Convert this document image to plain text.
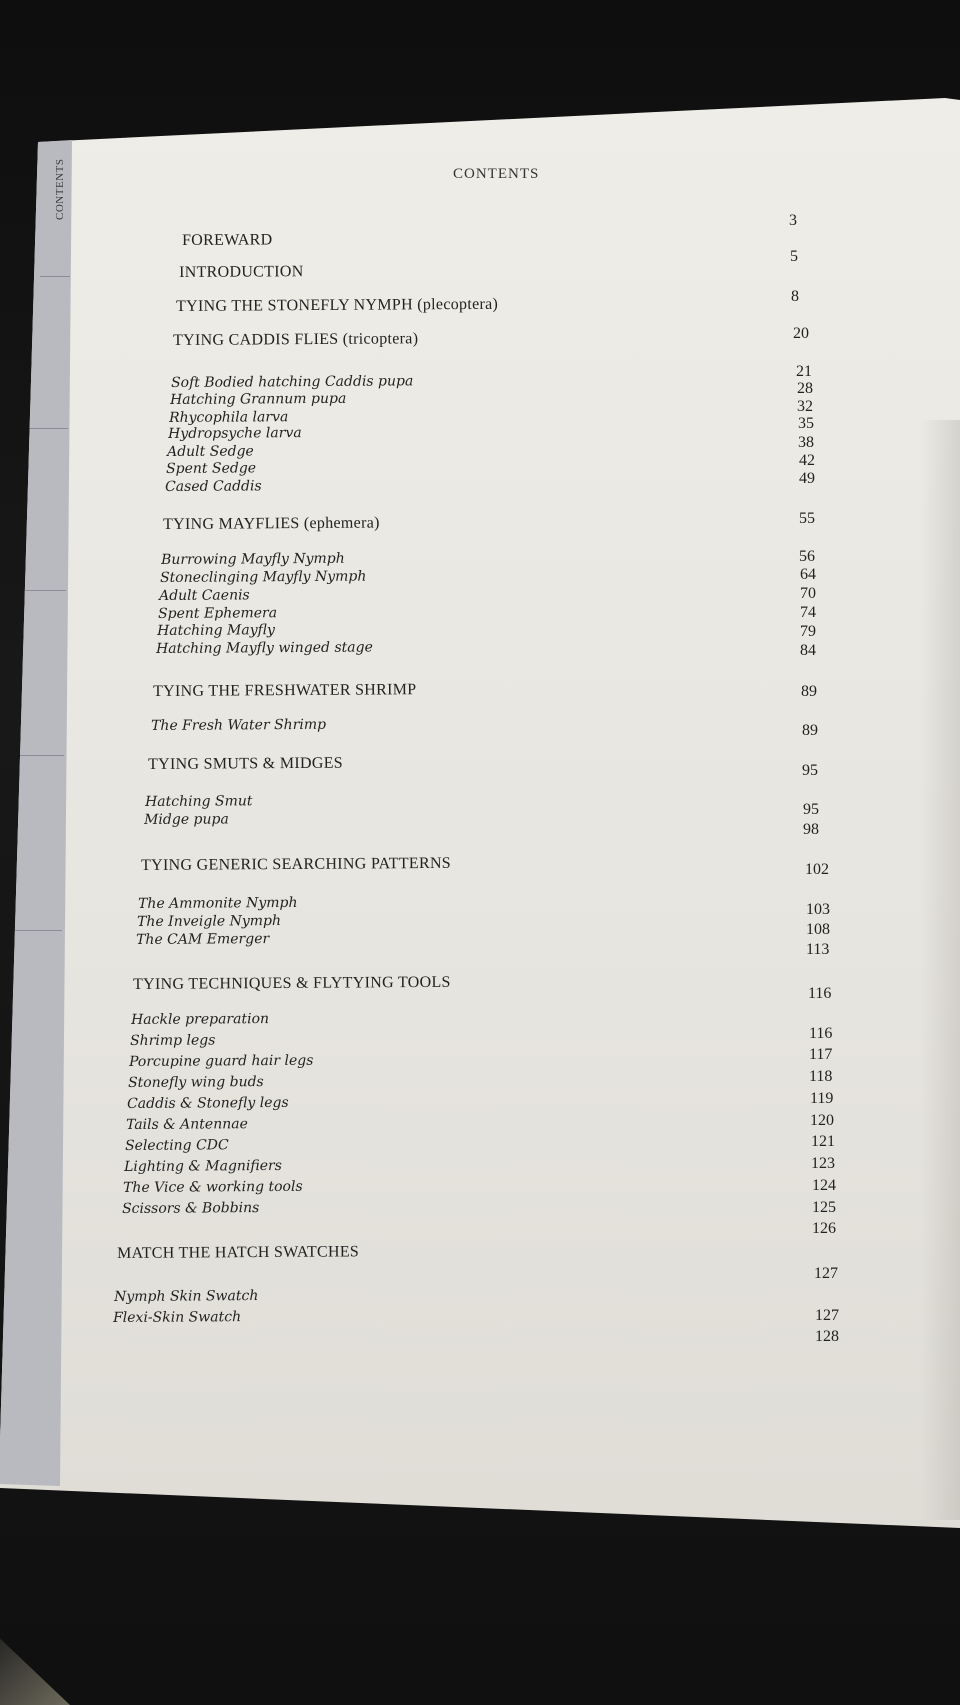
CONTENTS	CONTENTS
FOREWARD
INTRODUCTION
TYING THE STONEFLY NYMPH (plecoptera)
TYING CADDIS FLIES (tricoptera)
Soft Bodied hatching Caddis pupa
Hatching Grannum pupa
Rhycophila larva
Hydropsyche larva
Adult Sedge
Spent Sedge
Cased Caddis
TYING MAYFLIES (ephemera)
Burrowing Mayfly Nymph
Stoneclinging Mayfly Nymph
Adult Caenis
Spent Ephemera
Hatching Mayfly
Hatching Mayfly winged stage
TYING THE FRESHWATER SHRIMP
The Fresh Water Shrimp
TYING SMUTS & MIDGES
Hatching Smut
Midge pupa
TYING GENERIC SEARCHING PATTERNS
The Ammonite Nymph
The Inveigle Nymph
The CAM Emerger
TYING TECHNIQUES & FLYTYING TOOLS
Hackle preparation
Shrimp legs
Porcupine guard hair legs
Stonefly wing buds
Caddis & Stonefly legs
Tails & Antennae
Selecting CDC
Lighting & Magnifiers
The Vice & working tools
Scissors & Bobbins
MATCH THE HATCH SWATCHES
Nymph Skin Swatch
Flexi-Skin Swatch
3
5
8
20
21
28
32
35
38
42
49
55
56
64
70
74
79
84
89
89
95
95
98
102
103
108
113
116
116
117
118
119
120
121
123
124
125
126
127
127
128
